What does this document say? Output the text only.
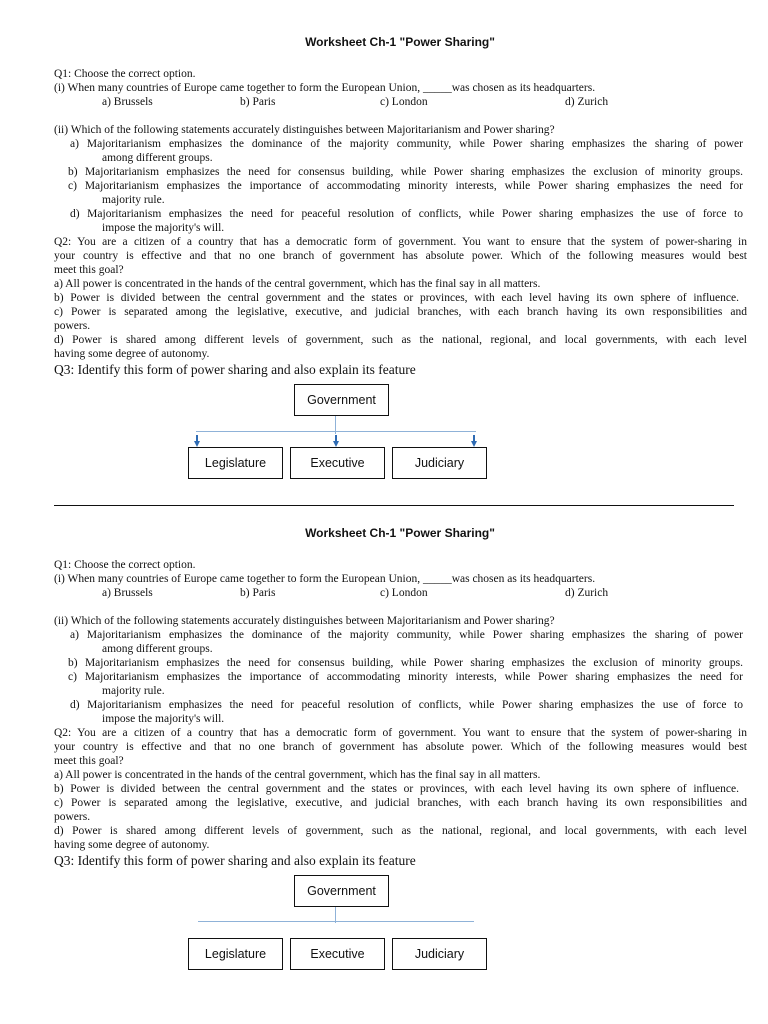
Worksheet Ch-1 "Power Sharing"
Q1: Choose the correct option.
(i) When many countries of Europe came together to form the European Union, _____was chosen as its headquarters.
a) Brussels	b) Paris	c) London	d) Zurich
(ii) Which of the following statements accurately distinguishes between Majoritarianism and Power sharing?
a) Majoritarianism emphasizes the dominance of the majority community, while Power sharing emphasizes the sharing of power
among different groups.
b) Majoritarianism emphasizes the need for consensus building, while Power sharing emphasizes the exclusion of minority groups.
c) Majoritarianism emphasizes the importance of accommodating minority interests, while Power sharing emphasizes the need for
majority rule.
d) Majoritarianism emphasizes the need for peaceful resolution of conflicts, while Power sharing emphasizes the use of force to
impose the majority's will.
Q2: You are a citizen of a country that has a democratic form of government. You want to ensure that the system of power-sharing in
your country is effective and that no one branch of government has absolute power. Which of the following measures would best
meet this goal?
a) All power is concentrated in the hands of the central government, which has the final say in all matters.
b) Power is divided between the central government and the states or provinces, with each level having its own sphere of influence.
c) Power is separated among the legislative, executive, and judicial branches, with each branch having its own responsibilities and
powers.
d) Power is shared among different levels of government, such as the national, regional, and local governments, with each level
having some degree of autonomy.
Q3: Identify this form of power sharing and also explain its feature
Government
Legislature	Executive	Judiciary
Worksheet Ch-1 "Power Sharing"
Q1: Choose the correct option.
(i) When many countries of Europe came together to form the European Union, _____was chosen as its headquarters.
a) Brussels	b) Paris	c) London	d) Zurich
(ii) Which of the following statements accurately distinguishes between Majoritarianism and Power sharing?
a) Majoritarianism emphasizes the dominance of the majority community, while Power sharing emphasizes the sharing of power
among different groups.
b) Majoritarianism emphasizes the need for consensus building, while Power sharing emphasizes the exclusion of minority groups.
c) Majoritarianism emphasizes the importance of accommodating minority interests, while Power sharing emphasizes the need for
majority rule.
d) Majoritarianism emphasizes the need for peaceful resolution of conflicts, while Power sharing emphasizes the use of force to
impose the majority's will.
Q2: You are a citizen of a country that has a democratic form of government. You want to ensure that the system of power-sharing in
your country is effective and that no one branch of government has absolute power. Which of the following measures would best
meet this goal?
a) All power is concentrated in the hands of the central government, which has the final say in all matters.
b) Power is divided between the central government and the states or provinces, with each level having its own sphere of influence.
c) Power is separated among the legislative, executive, and judicial branches, with each branch having its own responsibilities and
powers.
d) Power is shared among different levels of government, such as the national, regional, and local governments, with each level
having some degree of autonomy.
Q3: Identify this form of power sharing and also explain its feature
Government
Legislature	Executive	Judiciary
